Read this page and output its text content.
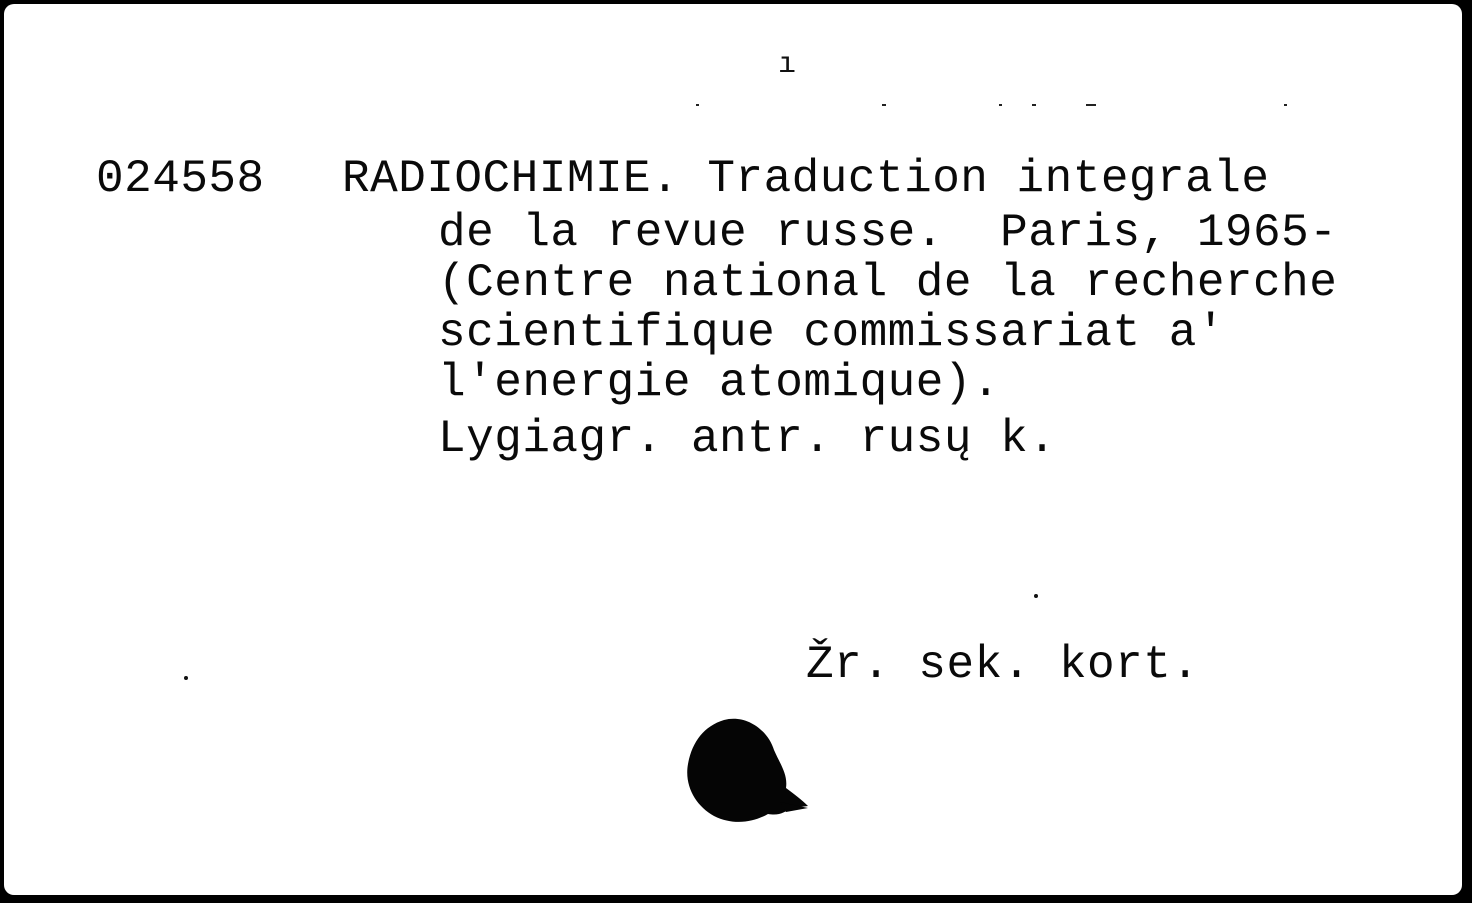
ı
024558 RADIOCHIMIE. Traduction integrale
de la revue russe.  Paris, 1965-
(Centre national de la recherche
scientifique commissariat a'
l'energie atomique).
Lygiagr. antr. rusų k.
Žr. sek. kort.
